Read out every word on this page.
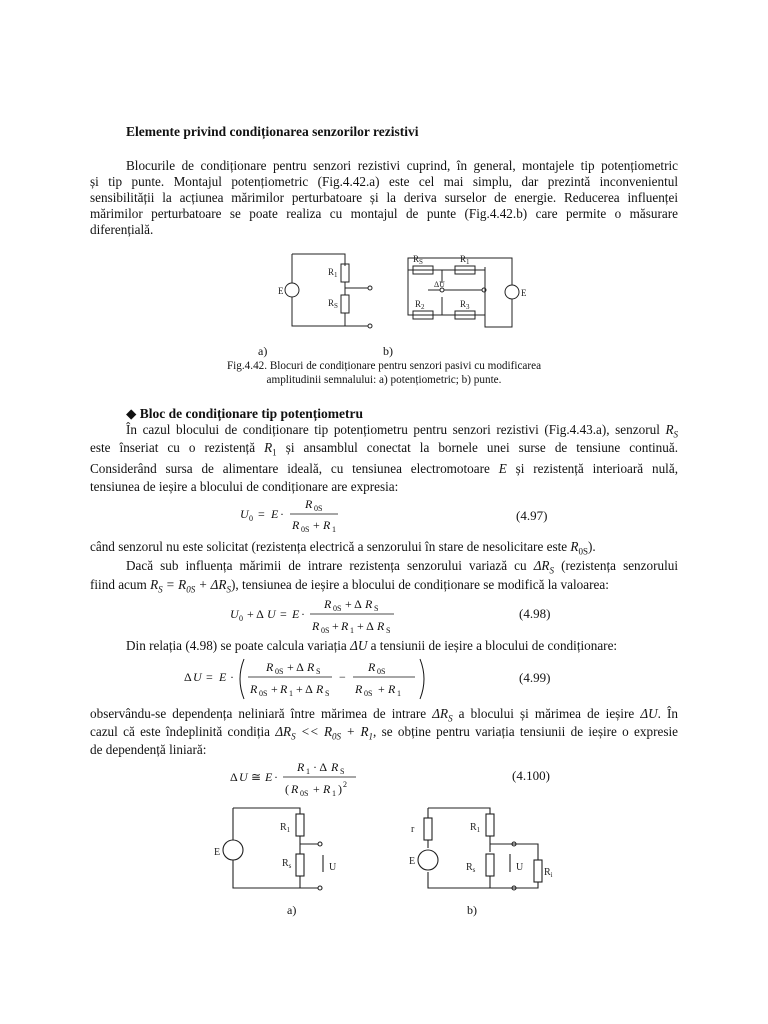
Elemente privind condiționarea senzorilor rezistivi
Blocurile de condiționare pentru senzori rezistivi cuprind, în general, montajele tip potențiometric
și tip punte. Montajul potențiometric (Fig.4.42.a) este cel mai simplu, dar prezintă inconvenientul
sensibilității la acțiunea mărimilor perturbatoare și la deriva surselor de energie. Reducerea influenței
mărimilor perturbatoare se poate realiza cu montajul de punte (Fig.4.42.b) care permite o măsurare
diferențială.
E
$R_1$
$R_S$
$R_S$	$R_1$
$R_2$	$R_3$
ΔU
E
a)	b)
Fig.4.42. Blocuri de condiționare pentru senzori pasivi cu modificarea
amplitudinii semnalului: a) potențiometric; b) punte.
◆ Bloc de condiționare tip potențiometru
În cazul blocului de condiționare tip potențiometru pentru senzori rezistivi (Fig.4.43.a), senzorul $R_S$
este înseriat cu o rezistență $R_1$ și ansamblul conectat la bornele unei surse de tensiune continuă.
Considerând sursa de alimentare ideală, cu tensiunea electromotoare E și rezistență interioară nulă,
tensiunea de ieșire a blocului de condiționare are expresia:
U 0 = E ·
R 0S
R 0S + R 1
(4.97)
când senzorul nu este solicitat (rezistența electrică a senzorului în stare de nesolicitare este $R_{0S}$).
Dacă sub influența mărimii de intrare rezistența senzorului variază cu $\Delta R_S$ (rezistența senzorului
fiind acum $R_S = R_{0S} + \Delta R_S$), tensiunea de ieșire a blocului de condiționare se modifică la valoarea:
U 0 + Δ U = E ·
R 0S + Δ R S
R 0S + R 1 + Δ R S
(4.98)
Din relația (4.98) se poate calcula variația ΔU a tensiunii de ieșire a blocului de condiționare:
Δ U = E ·
R 0S + Δ R S
R 0S + R 1 + Δ R S
−
R 0S
R 0S + R 1
(4.99)
observându-se dependența neliniară între mărimea de intrare $\Delta R_S$ a blocului și mărimea de ieșire ΔU. În
cazul că este îndeplinită condiția $\Delta R_S << R_{0S} + R_1$, se obține pentru variația tensiunii de ieșire o expresie
de dependență liniară:
Δ U ≅ E ·
R 1 · Δ R S
( R 0S + R 1 ) 2
(4.100)
E
$R_1$
$R_s$	U
r	$R_1$
$R_s$
E
U $R_i$
a)	b)
